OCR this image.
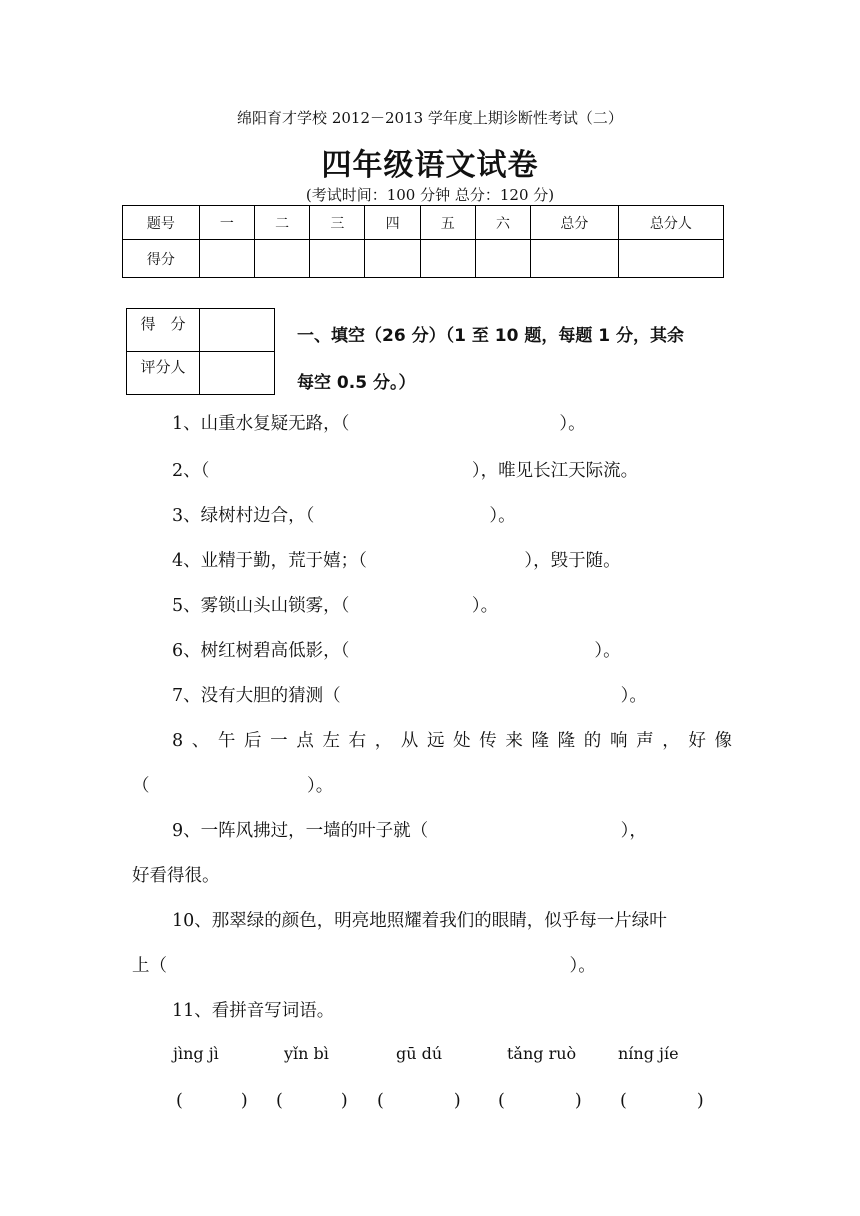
绵阳育才学校 2012－2013 学年度上期诊断性考试（二）
四年级语文试卷
(考试时间：100 分钟 总分：120 分)
题号	一	二	三	四	五	六	总分	总分人
得分								
得　分	
评分人	
一、填空（26 分）（1 至 10 题，每题 1 分，其余
每空 0.5 分。）
1、山重水复疑无路，（　　　　　　　　　　　　）。
2、（　　　　　　　　　　　　　　　），唯见长江天际流。
3、绿树村边合，（　　　　　　　　　　）。
4、业精于勤，荒于嬉；（　　　　　　　　　），毁于随。
5、雾锁山头山锁雾，（　　　　　　　）。
6、树红树碧高低影，（　　　　　　　　　　　　　　）。
7、没有大胆的猜测（　　　　　　　　　　　　　　　　）。
8、午后一点左右，从远处传来隆隆的响声，好像
（　　　　　　　　　）。
9、一阵风拂过，一墙的叶子就（　　　　　　　　　　　），
好看得很。
10、那翠绿的颜色，明亮地照耀着我们的眼睛，似乎每一片绿叶
上（　　　　　　　　　　　　　　　　　　　　　　　）。
11、看拼音写词语。
jìng jì	yǐn bì	gū dú	tǎng ruò	níng jíe
(　　　 ) (　　　 ) (　　　　) (　　　　) (　　　　)
